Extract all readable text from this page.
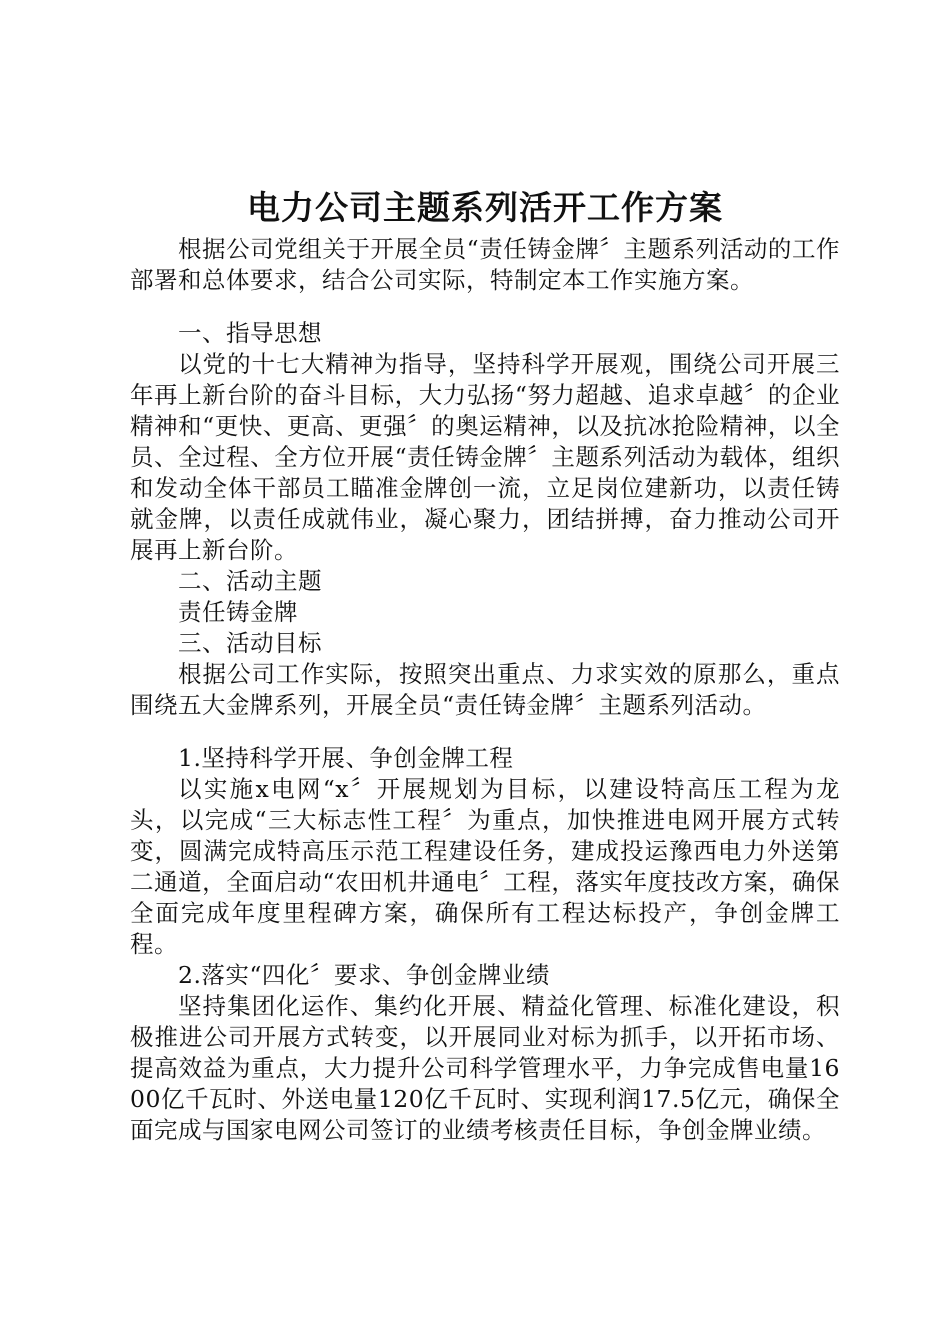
电力公司主题系列活开工作方案

根据公司党组关于开展全员“责任铸金牌〞主题系列活动的工作部署和总体要求，结合公司实际，特制定本工作实施方案。

一、指导思想

以党的十七大精神为指导，坚持科学开展观，围绕公司开展三年再上新台阶的奋斗目标，大力弘扬“努力超越、追求卓越〞的企业精神和“更快、更高、更强〞的奥运精神，以及抗冰抢险精神，以全员、全过程、全方位开展“责任铸金牌〞主题系列活动为载体，组织和发动全体干部员工瞄准金牌创一流，立足岗位建新功，以责任铸就金牌，以责任成就伟业，凝心聚力，团结拼搏，奋力推动公司开展再上新台阶。

二、活动主题

责任铸金牌

三、活动目标

根据公司工作实际，按照突出重点、力求实效的原那么，重点围绕五大金牌系列，开展全员“责任铸金牌〞主题系列活动。

1.坚持科学开展、争创金牌工程

以实施x电网“x〞开展规划为目标，以建设特高压工程为龙头，以完成“三大标志性工程〞为重点，加快推进电网开展方式转变，圆满完成特高压示范工程建设任务，建成投运豫西电力外送第二通道，全面启动“农田机井通电〞工程，落实年度技改方案，确保全面完成年度里程碑方案，确保所有工程达标投产，争创金牌工程。

2.落实“四化〞要求、争创金牌业绩

坚持集团化运作、集约化开展、精益化管理、标准化建设，积极推进公司开展方式转变，以开展同业对标为抓手，以开拓市场、提高效益为重点，大力提升公司科学管理水平，力争完成售电量1600亿千瓦时、外送电量120亿千瓦时、实现利润17.5亿元，确保全面完成与国家电网公司签订的业绩考核责任目标，争创金牌业绩。
